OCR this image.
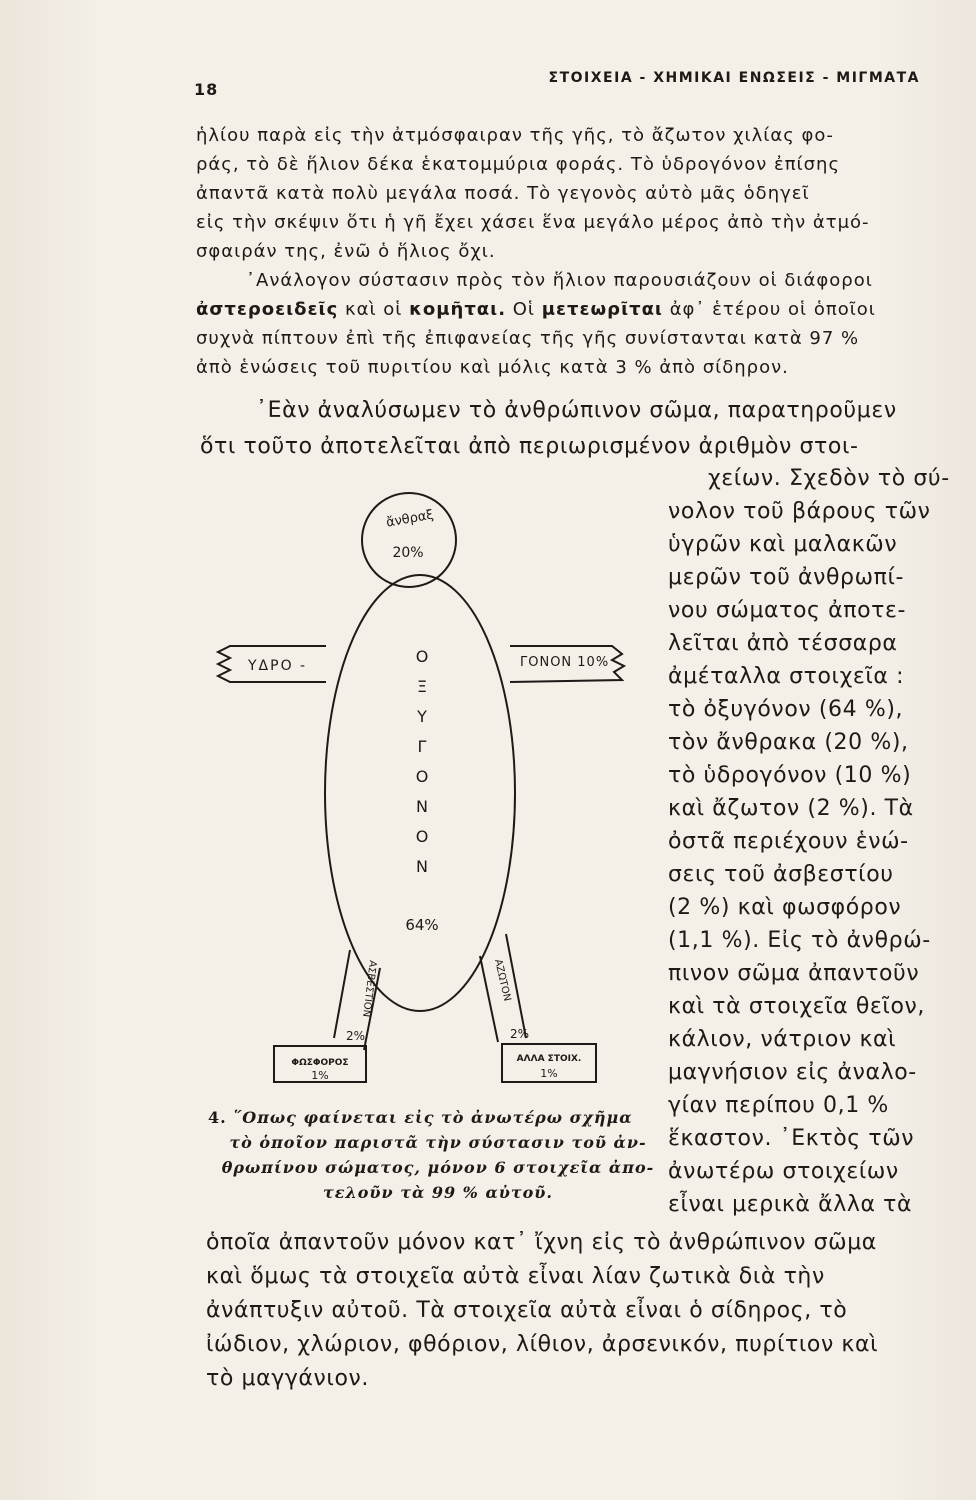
18
ΣΤΟΙΧΕΙΑ - ΧΗΜΙΚΑΙ ΕΝΩΣΕΙΣ - ΜΙΓΜΑΤΑ
ἡλίου παρὰ εἰς τὴν ἀτμόσφαιραν τῆς γῆς, τὸ ἄζωτον χιλίας φο-
ράς, τὸ δὲ ἥλιον δέκα ἑκατομμύρια φοράς. Τὸ ὑδρογόνον ἐπίσης
ἀπαντᾶ κατὰ πολὺ μεγάλα ποσά. Τὸ γεγονὸς αὐτὸ μᾶς ὁδηγεῖ
εἰς τὴν σκέψιν ὅτι ἡ γῆ ἔχει χάσει ἕνα μεγάλο μέρος ἀπὸ τὴν ἀτμό-
σφαιράν της, ἐνῶ ὁ ἥλιος ὄχι.
᾿Ανάλογον σύστασιν πρὸς τὸν ἥλιον παρουσιάζουν οἱ διάφοροι
ἀστεροειδεῖς καὶ οἱ κομῆται. Οἱ μετεωρῖται ἀφ᾿ ἑτέρου οἱ ὁποῖοι
συχνὰ πίπτουν ἐπὶ τῆς ἐπιφανείας τῆς γῆς συνίστανται κατὰ 97 %
ἀπὸ ἑνώσεις τοῦ πυριτίου καὶ μόλις κατὰ 3 % ἀπὸ σίδηρον.
᾿Εὰν ἀναλύσωμεν τὸ ἀνθρώπινον σῶμα, παρατηροῦμεν
ὅτι τοῦτο ἀποτελεῖται ἀπὸ περιωρισμένον ἀριθμὸν στοι-
χείων. Σχεδὸν τὸ σύ-
νολον τοῦ βάρους τῶν
ὑγρῶν καὶ μαλακῶν
μερῶν τοῦ ἀνθρωπί-
νου σώματος ἀποτε-
λεῖται ἀπὸ τέσσαρα
ἀμέταλλα στοιχεῖα :
τὸ ὀξυγόνον (64 %),
τὸν ἄνθρακα (20 %),
τὸ ὑδρογόνον (10 %)
καὶ ἄζωτον (2 %). Τὰ
ὀστᾶ περιέχουν ἑνώ-
σεις τοῦ ἀσβεστίου
(2 %) καὶ φωσφόρον
(1,1 %). Εἰς τὸ ἀνθρώ-
πινον σῶμα ἀπαντοῦν
καὶ τὰ στοιχεῖα θεῖον,
κάλιον, νάτριον καὶ
μαγνήσιον εἰς ἀναλο-
γίαν περίπου 0,1 %
ἕκαστον. ᾿Εκτὸς τῶν
ἀνωτέρω στοιχείων
εἶναι μερικὰ ἄλλα τὰ
ὁποῖα ἀπαντοῦν μόνον κατ᾿ ἴχνη εἰς τὸ ἀνθρώπινον σῶμα
καὶ ὅμως τὰ στοιχεῖα αὐτὰ εἶναι λίαν ζωτικὰ διὰ τὴν
ἀνάπτυξιν αὐτοῦ. Τὰ στοιχεῖα αὐτὰ εἶναι ὁ σίδηρος, τὸ
ἰώδιον, χλώριον, φθόριον, λίθιον, ἀρσενικόν, πυρίτιον καὶ
τὸ μαγγάνιον.
ἄνθραξ
20%
ΥΔΡΟ -	ΓΟΝΟΝ 10%
Ο
Ξ
Υ
Γ
Ο
Ν
Ο
Ν
64%
ΑΣΒΕΣΤΙΟΝ
2%
ΑΖΩΤΟΝ
2%
ΦΩΣΦΟΡΟΣ
1%
ΑΛΛΑ ΣΤΟΙΧ.
1%
4. ῞Οπως φαίνεται εἰς τὸ ἀνωτέρω σχῆμα
τὸ ὁποῖον παριστᾶ τὴν σύστασιν τοῦ ἀν-
θρωπίνου σώματος, μόνον 6 στοιχεῖα ἀπο-
τελοῦν τὰ 99 % αὐτοῦ.
